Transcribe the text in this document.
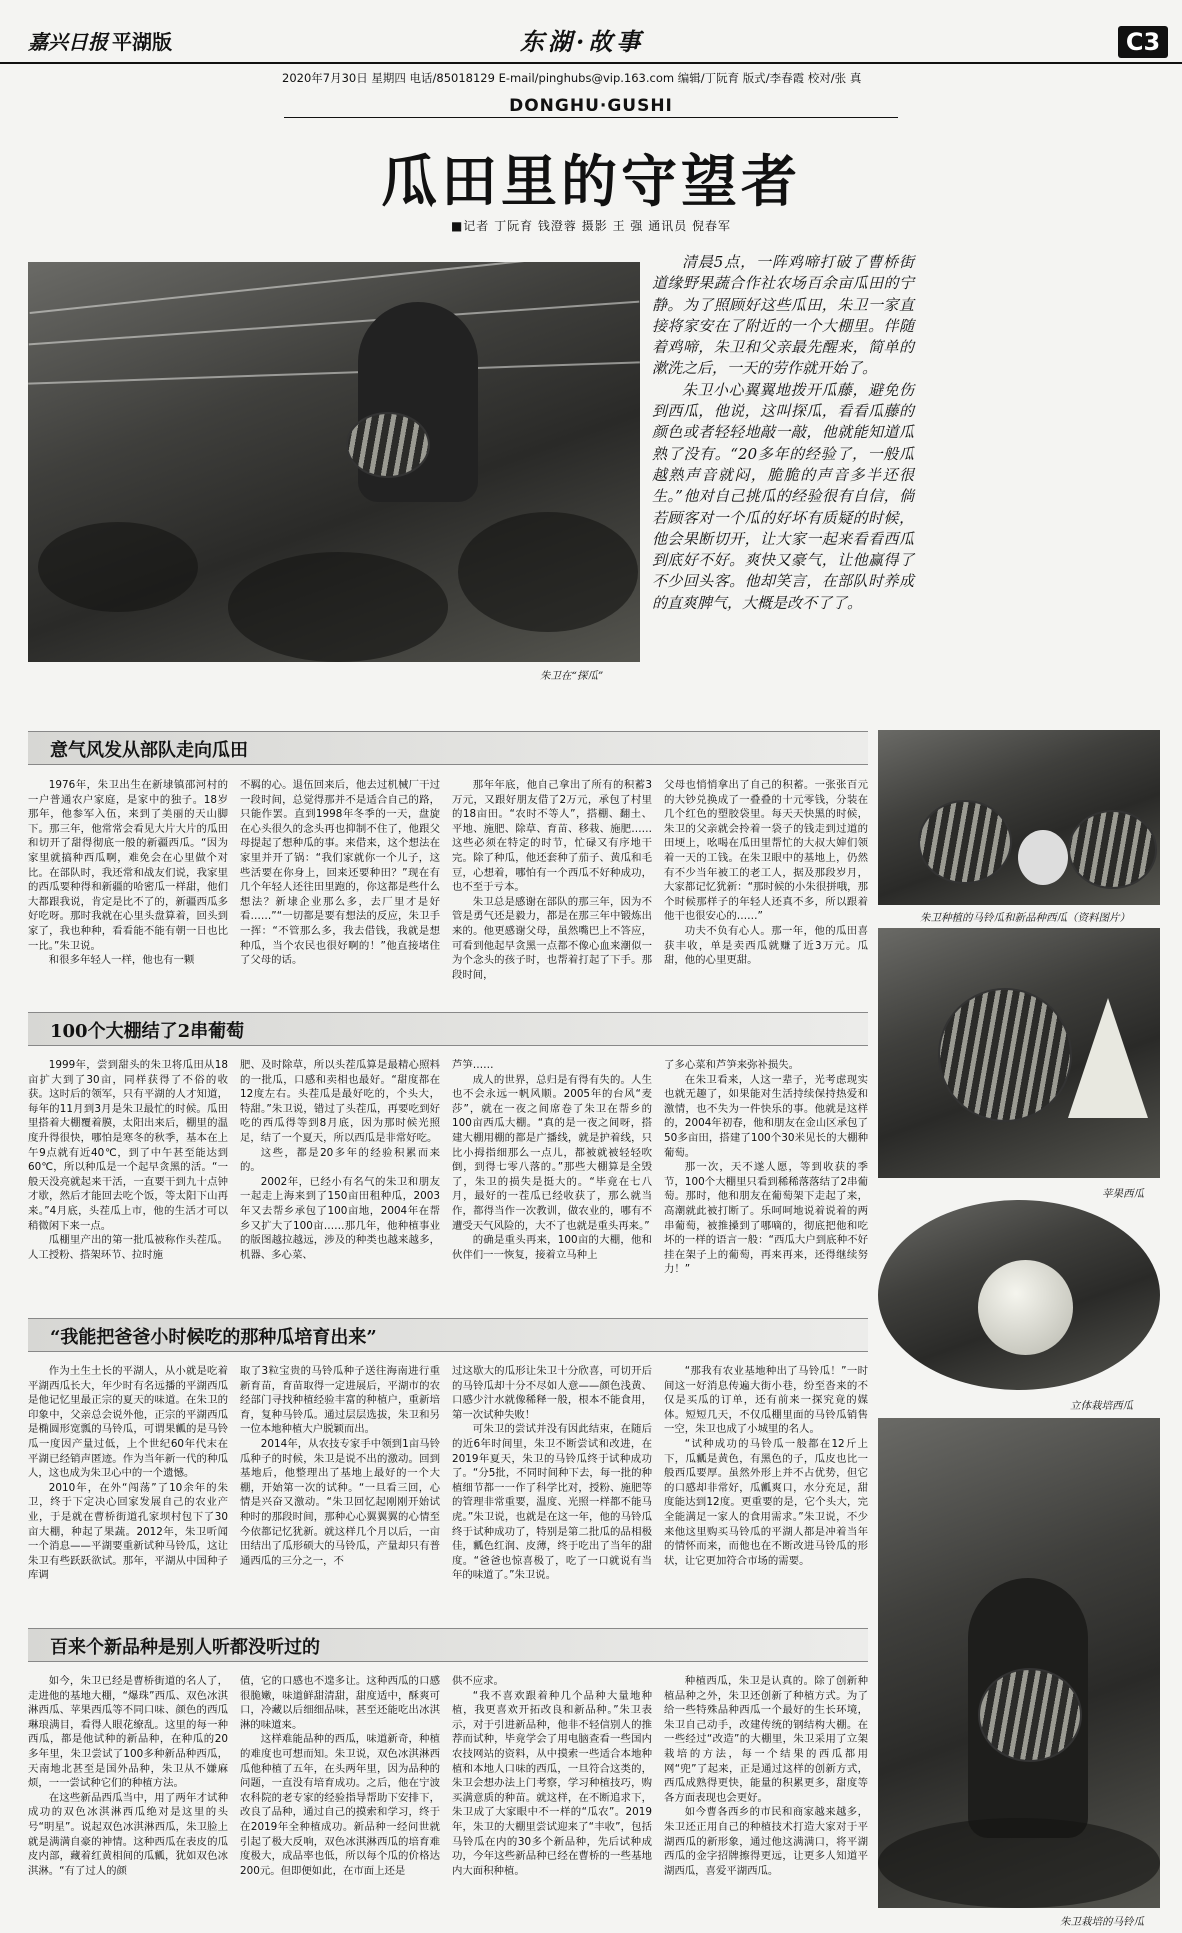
嘉兴日报 平湖版	东湖·故事	C3
2020年7月30日 星期四 电话/85018129 E-mail/pinghubs@vip.163.com 编辑/丁阮育 版式/李春霞 校对/张 真
DONGHU·GUSHI
瓜田里的守望者
■记者 丁阮育 钱澄蓉 摄影 王 强 通讯员 倪春军
朱卫在“探瓜”

清晨5点，一阵鸡啼打破了曹桥街道缘野果蔬合作社农场百余亩瓜田的宁静。为了照顾好这些瓜田，朱卫一家直接将家安在了附近的一个大棚里。伴随着鸡啼，朱卫和父亲最先醒来，简单的漱洗之后，一天的劳作就开始了。

朱卫小心翼翼地拨开瓜藤，避免伤到西瓜，他说，这叫探瓜，看看瓜藤的颜色或者轻轻地敲一敲，他就能知道瓜熟了没有。“20多年的经验了，一般瓜越熟声音就闷，脆脆的声音多半还很生。”他对自己挑瓜的经验很有自信，倘若顾客对一个瓜的好坏有质疑的时候，他会果断切开，让大家一起来看看西瓜到底好不好。爽快又豪气，让他赢得了不少回头客。他却笑言，在部队时养成的直爽脾气，大概是改不了了。

朱卫种植的马铃瓜和新品种西瓜（资料图片）
苹果西瓜
立体栽培西瓜
朱卫栽培的马铃瓜
意气风发从部队走向瓜田

1976年，朱卫出生在新埭镇邵河村的一户普通农户家庭，是家中的独子。18岁那年，他参军入伍，来到了美丽的天山脚下。那三年，他常常会看见大片大片的瓜田和切开了甜得彻底一般的新疆西瓜。“因为家里就搞种西瓜啊，难免会在心里做个对比。在部队时，我还常和战友们说，我家里的西瓜要种得和新疆的哈密瓜一样甜，他们大都跟我说，肯定是比不了的，新疆西瓜多好吃呀。那时我就在心里头盘算着，回头到家了，我也种种，看看能不能有朝一日也比一比。”朱卫说。

和很多年轻人一样，他也有一颗

不羁的心。退伍回来后，他去过机械厂干过一段时间，总觉得那并不是适合自己的路，只能作罢。直到1998年冬季的一天，盘旋在心头很久的念头再也抑制不住了，他跟父母提起了想种瓜的事。来借来，这个想法在家里并开了锅：“我们家就你一个儿子，这些活要在你身上，回来还要种田？”现在有几个年轻人还往田里跑的，你这都是些什么想法？新埭企业那么多，去厂里才是好看……”“一切都是要有想法的反应，朱卫手一挥：“不管那么多，我去借钱，我就是想种瓜，当个农民也很好啊的！”他直接堵住了父母的话。

那年年底，他自己拿出了所有的积蓄3万元，又跟好朋友借了2万元，承包了村里的18亩田。“农时不等人”，搭棚、翻土、平地、施肥、除草、育苗、移栽、施肥……这些必须在特定的时节，忙碌又有序地干完。除了种瓜，他还套种了茄子、黄瓜和毛豆，心想着，哪怕有一个西瓜不好种成功，也不至于亏本。

朱卫总是感谢在部队的那三年，因为不管是勇气还是毅力，都是在那三年中锻炼出来的。他更感谢父母，虽然嘴巴上不答应，可看到他起早贪黑一点都不像心血来潮似一为个念头的孩子时，也帮着打起了下手。那段时间，

父母也悄悄拿出了自己的积蓄。一张张百元的大钞兑换成了一叠叠的十元零钱，分装在几个红色的塑胶袋里。每天天快黑的时候，朱卫的父亲就会拎着一袋子的钱走到过道的田埂上，吆喝在瓜田里帮忙的大叔大婶们领着一天的工钱。在朱卫眼中的基地上，仍然有不少当年被工的老工人，据及那段岁月，大家都记忆犹新：“那时候的小朱很拼哦，那个时候那样子的年轻人还真不多，所以跟着他干也很安心的……”

功夫不负有心人。那一年，他的瓜田喜获丰收，单是卖西瓜就赚了近3万元。瓜甜，他的心里更甜。

100个大棚结了2串葡萄

1999年，尝到甜头的朱卫将瓜田从18亩扩大到了30亩，同样获得了不俗的收获。这时后的领军，只有平湖的人才知道，每年的11月到3月是朱卫最忙的时候。瓜田里搭着大棚覆着膜，太阳出来后，棚里的温度升得很快，哪怕是寒冬的秋季，基本在上午9点就有近40℃，到了中午甚至能达到60℃，所以种瓜是一个起早贪黑的活。“一般天没亮就起来干活，一直要干到九十点钟才歇，然后才能回去吃个饭，等太阳下山再来。”4月底，头茬瓜上市，他的生活才可以稍微闲下来一点。

瓜棚里产出的第一批瓜被称作头茬瓜。人工授粉、搭架环节、拉时施

肥、及时除草，所以头茬瓜算是最精心照料的一批瓜，口感和卖相也最好。“甜度都在12度左右。头茬瓜是最好吃的，个头大，特甜。”朱卫说，错过了头茬瓜，再要吃到好吃的西瓜得等到8月底，因为那时候光照足，结了一个夏天，所以西瓜是非常好吃。

这些，都是20多年的经验积累而来的。

2002年，已经小有名气的朱卫和朋友一起走上海来到了150亩田租种瓜，2003年又去帮乡承包了100亩地，2004年在帮乡又扩大了100亩……那几年，他种植事业的版图越拉越远，涉及的种类也越来越多，机器、多心菜、

芦笋……

成人的世界，总归是有得有失的。人生也不会永远一帆风顺。2005年的台风“麦莎”，就在一夜之间席卷了朱卫在帮乡的100亩西瓜大棚。“真的是一夜之间呀，搭建大棚用棚的都是广播线，就是护着线，只比小拇指细那么一点儿，都被就被轻轻吹倒，到得七零八落的。”那些大棚算是全毁了，朱卫的损失是挺大的。“毕竟在七八月，最好的一茬瓜已经收获了，那么就当作，都得当作一次教训，做农业的，哪有不遭受天气风险的，大不了也就是重头再来。”

的确是重头再来，100亩的大棚，他和伙伴们一一恢复，接着立马种上

了多心菜和芦笋来弥补损失。

在朱卫看来，人这一辈子，光考虑现实也就无趣了，如果能对生活持续保持热爱和激情，也不失为一件快乐的事。他就是这样的，2004年初春，他和朋友在金山区承包了50多亩田，搭建了100个30米见长的大棚种葡萄。

那一次，天不遂人愿，等到收获的季节，100个大棚里只看到稀稀落落结了2串葡萄。那时，他和朋友在葡萄架下走起了来，高潮就此被打断了。乐呵呵地说着说着的两串葡萄，被推搡到了哪嘀的，彻底把他和吃坏的一样的语言一般：“西瓜大户到底种不好挂在架子上的葡萄，再来再来，还得继续努力！”

“我能把爸爸小时候吃的那种瓜培育出来”

作为土生土长的平湖人，从小就是吃着平湖西瓜长大，年少时有名远播的平湖西瓜是他记忆里最正宗的夏天的味道。在朱卫的印象中，父亲总会说外他，正宗的平湖西瓜是椭圆形宽瓢的马铃瓜，可谓果瓤的是马铃瓜一度因产量过低，上个世纪60年代末在平湖已经销声匿迹。作为当年新一代的种瓜人，这也成为朱卫心中的一个遗憾。

2010年，在外“闯荡”了10余年的朱卫，终于下定决心回家发展自己的农业产业，于是就在曹桥街道孔家坝村包下了30亩大棚，种起了果蔬。2012年，朱卫听闻一个消息——平湖要重新试种马铃瓜，这让朱卫有些跃跃欲试。那年，平湖从中国种子库调

取了3粒宝贵的马铃瓜种子送往海南进行重新育苗，育苗取得一定进展后，平湖市的农经部门寻找种植经验丰富的种植户，重新培育，复种马铃瓜。通过层层选拔，朱卫和另一位本地种植大户脱颖而出。

2014年，从农技专家手中领到1亩马铃瓜种子的时候，朱卫是说不出的激动。回到基地后，他整理出了基地上最好的一个大棚，开始第一次的试种。“一旦看三回，心情是兴奋又激动。“朱卫回忆起刚刚开始试种时的那段时间，那种心心翼翼翼的心情至今依都记忆犹新。就这样几个月以后，一亩田结出了瓜形硕大的马铃瓜，产量却只有普通西瓜的三分之一，不

过这歇大的瓜形让朱卫十分欣喜，可切开后的马铃瓜却十分不尽如人意——颜色浅黄、口感少汁水就像稀释一般，根本不能食用，第一次试种失败！

可朱卫的尝试并没有因此结束，在随后的近6年时间里，朱卫不断尝试和改进，在2019年夏天，朱卫的马铃瓜终于试种成功了。“分5批，不同时间种下去，每一批的种植细节都一一作了科学比对，授粉、施肥等的管理非常重要，温度、光照一样都不能马虎。”朱卫说，也就是在这一年，他的马铃瓜终于试种成功了，特别是第二批瓜的品相极佳，瓤色红润、皮薄，终于吃出了当年的甜度。“爸爸也惊喜极了，吃了一口就说有当年的味道了。”朱卫说。

“那我有农业基地种出了马铃瓜！”一时间这一好消息传遍大街小巷，纷至沓来的不仅是买瓜的订单，还有前来一探究竟的媒体。短短几天，不仅瓜棚里面的马铃瓜销售一空，朱卫也成了小城里的名人。

“试种成功的马铃瓜一般都在12斤上下，瓜瓤是黄色，有黑色的子，瓜皮也比一般西瓜要厚。虽然外形上并不占优势，但它的口感却非常好，瓜瓤爽口，水分充足，甜度能达到12度。更重要的是，它个头大，完全能满足一家人的食用需求。”朱卫说，不少来他这里购买马铃瓜的平湖人都是冲着当年的情怀而来，而他也在不断改进马铃瓜的形状，让它更加符合市场的需要。

百来个新品种是别人听都没听过的

如今，朱卫已经是曹桥街道的名人了，走进他的基地大棚，“爆珠”西瓜、双色冰淇淋西瓜、苹果西瓜等不同口味、颜色的西瓜琳琅满目，看得人眼花缭乱。这里的每一种西瓜，都是他试种的新品种，在种瓜的20多年里，朱卫尝试了100多种新品种西瓜，天南地北甚至是国外品种，朱卫从不嫌麻烦，一一尝试种它们的种植方法。

在这些新品西瓜当中，用了两年才试种成功的双色冰淇淋西瓜绝对是这里的头号“明星”。说起双色冰淇淋西瓜，朱卫脸上就是满满自豪的神情。这种西瓜在表皮的瓜皮内部，藏着红黄相间的瓜瓤，犹如双色冰淇淋。“有了过人的颜

值，它的口感也不遑多让。这种西瓜的口感很脆嫩，味道鲜甜清甜，甜度适中，酥爽可口，冷藏以后细细品味，甚至还能吃出冰淇淋的味道来。

这样难能品种的西瓜，味道新奇，种植的难度也可想而知。朱卫说，双色冰淇淋西瓜他种植了五年，在头两年里，因为品种的问题，一直没有培育成功。之后，他在宁波农科院的老专家的经验指导帮助下安排下，改良了品种，通过自己的摸索和学习，终于在2019年全种植成功。新品种一经问世就引起了极大反响，双色冰淇淋西瓜的培育难度极大，成品率也低，所以每个瓜的价格达200元。但即便如此，在市面上还是

供不应求。

“我不喜欢跟着种几个品种大量地种植，我更喜欢开拓改良和新品种。”朱卫表示，对于引进新品种，他非不轻信别人的推荐而试种，毕竟学会了用电脑查看一些国内农技网站的资料，从中摸索一些适合本地种植和本地人口味的西瓜，一旦符合这类的，朱卫会想办法上门考察，学习种植技巧，购买满意质的种苗。就这样，在不断追求下，朱卫成了大家眼中不一样的“瓜农”。2019年，朱卫的大棚里尝试迎来了“丰收”，包括马铃瓜在内的30多个新品种，先后试种成功，今年这些新品种已经在曹桥的一些基地内大面积种植。

种植西瓜，朱卫是认真的。除了创新种植品种之外，朱卫还创新了种植方式。为了给一些特殊品种西瓜一个最好的生长环境，朱卫自己动手，改建传统的钢结构大棚。在一些经过“改造”的大棚里，朱卫采用了立架栽培的方法，每一个结果的西瓜都用网“兜”了起来，正是通过这样的创新方式，西瓜成熟得更快，能量的积累更多，甜度等各方面表现也会更好。

如今曹各西乡的市民和商家越来越多，朱卫还正用自己的种植技术打造大家对于平湖西瓜的新形象，通过他这满满口，将平湖西瓜的金字招牌擦得更远，让更多人知道平湖西瓜，喜爱平湖西瓜。
